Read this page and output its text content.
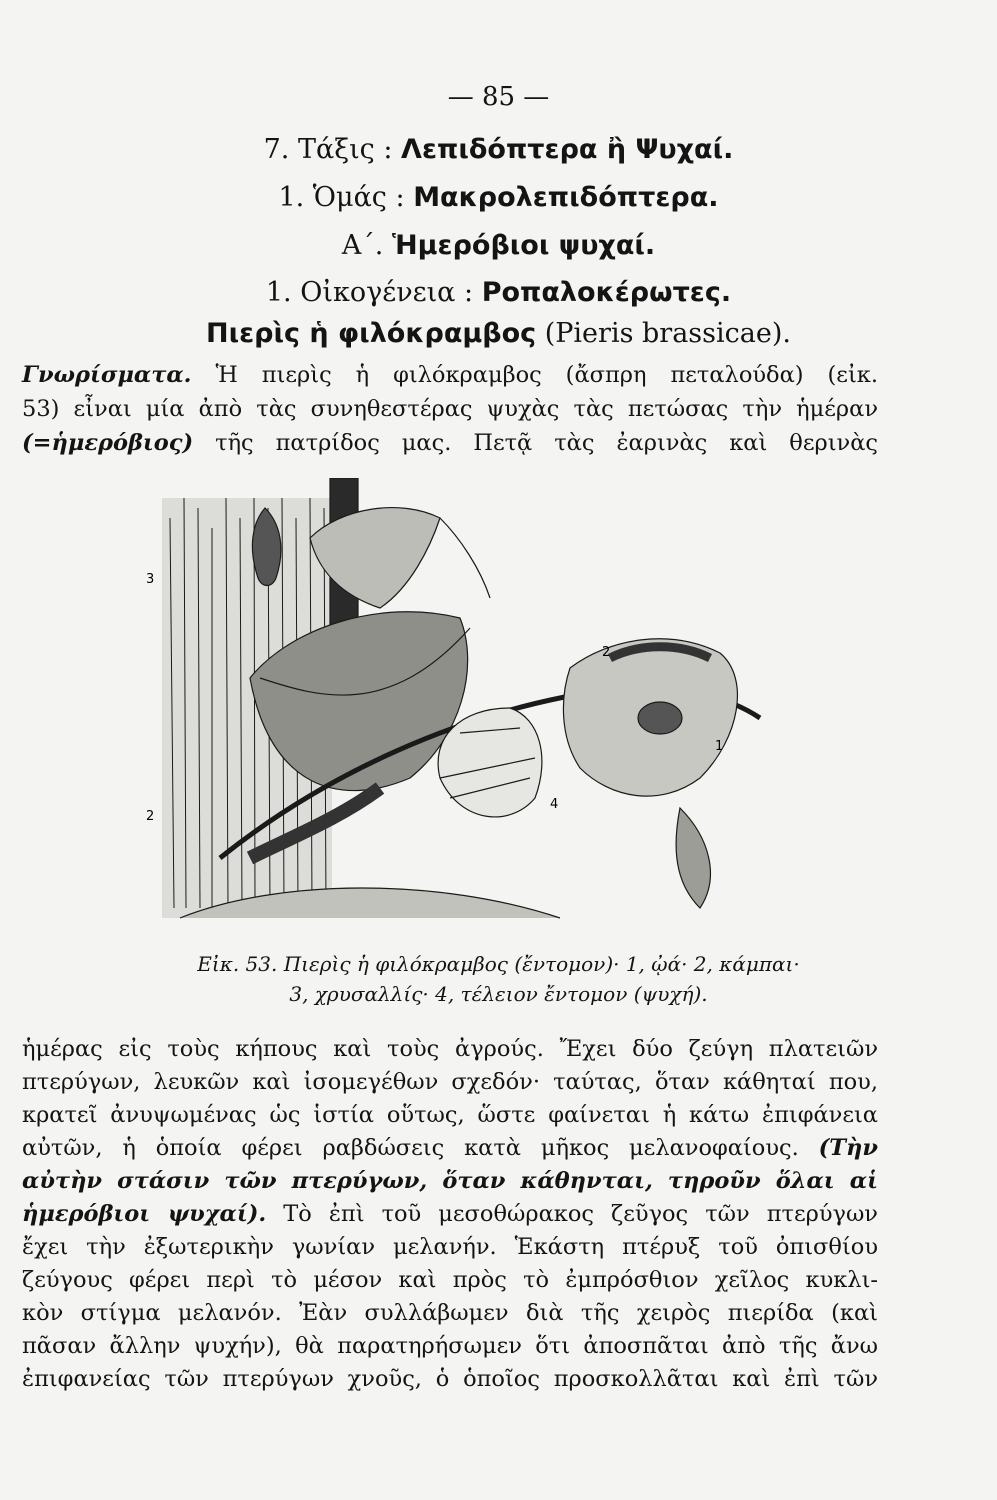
— 85 —
7. Τάξις : Λεπιδόπτερα ἢ Ψυχαί.
1. Ὁμάς : Μακρολεπιδόπτερα.
Α΄. Ἡμερόβιοι ψυχαί.
1. Οἰκογένεια : Ροπαλοκέρωτες.
Πιερὶς ἡ φιλόκραμβος (Pieris brassicae).
Γνωρίσματα. Ἡ πιερὶς ἡ φιλόκραμβος (ἄσπρη πεταλούδα) (εἰκ.
53) εἶναι μία ἀπὸ τὰς συνηθεστέρας ψυχὰς τὰς πετώσας τὴν ἡμέραν
(=ἡμερόβιος) τῆς πατρίδος μας. Πετᾷ τὰς ἐαρινὰς καὶ θερινὰς
3
2
1
2
4
Εἰκ. 53. Πιερὶς ἡ φιλόκραμβος (ἔντομον)· 1, ᾠά· 2, κάμπαι·
3, χρυσαλλίς· 4, τέλειον ἔντομον (ψυχή).
ἡμέρας εἰς τοὺς κήπους καὶ τοὺς ἀγρούς. Ἔχει δύο ζεύγη πλατειῶν
πτερύγων, λευκῶν καὶ ἰσομεγέθων σχεδόν· ταύτας, ὅταν κάθηταί που,
κρατεῖ ἀνυψωμένας ὡς ἱστία οὕτως, ὥστε φαίνεται ἡ κάτω ἐπιφάνεια
αὐτῶν, ἡ ὁποία φέρει ραβδώσεις κατὰ μῆκος μελανοφαίους. (Τὴν
αὐτὴν στάσιν τῶν πτερύγων, ὅταν κάθηνται, τηροῦν ὅλαι αἱ
ἡμερόβιοι ψυχαί). Τὸ ἐπὶ τοῦ μεσοθώρακος ζεῦγος τῶν πτερύγων
ἔχει τὴν ἐξωτερικὴν γωνίαν μελανήν. Ἑκάστη πτέρυξ τοῦ ὀπισθίου
ζεύγους φέρει περὶ τὸ μέσον καὶ πρὸς τὸ ἐμπρόσθιον χεῖλος κυκλι-
κὸν στίγμα μελανόν. Ἐὰν συλλάβωμεν διὰ τῆς χειρὸς πιερίδα (καὶ
πᾶσαν ἄλλην ψυχήν), θὰ παρατηρήσωμεν ὅτι ἀποσπᾶται ἀπὸ τῆς ἄνω
ἐπιφανείας τῶν πτερύγων χνοῦς, ὁ ὁποῖος προσκολλᾶται καὶ ἐπὶ τῶν
